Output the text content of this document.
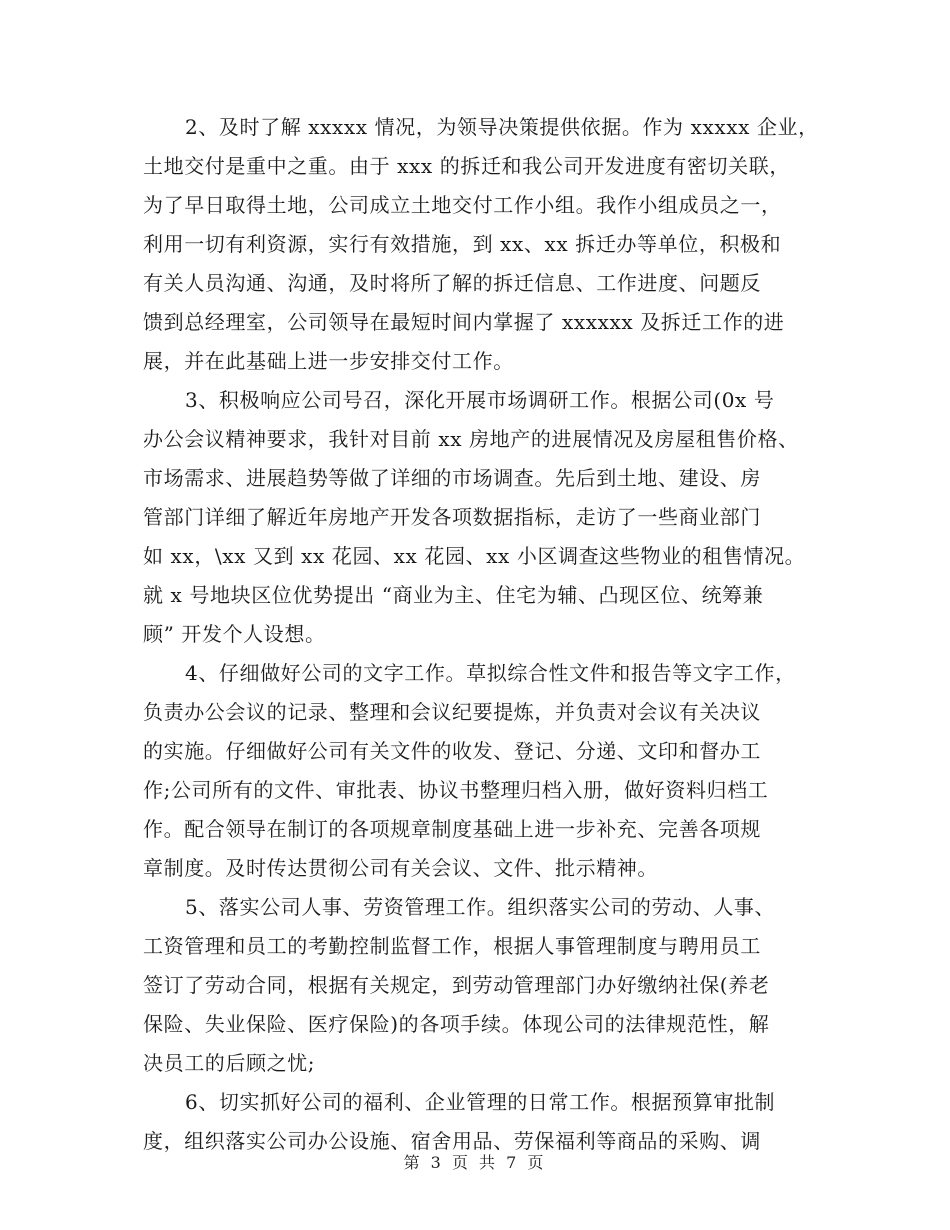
2、及时了解 xxxxx 情况，为领导决策提供依据。作为 xxxxx 企业，
土地交付是重中之重。由于 xxx 的拆迁和我公司开发进度有密切关联，
为了早日取得土地，公司成立土地交付工作小组。我作小组成员之一，
利用一切有利资源，实行有效措施，到 xx、xx 拆迁办等单位，积极和
有关人员沟通、沟通，及时将所了解的拆迁信息、工作进度、问题反
馈到总经理室，公司领导在最短时间内掌握了 xxxxxx 及拆迁工作的进
展，并在此基础上进一步安排交付工作。
3、积极响应公司号召，深化开展市场调研工作。根据公司(0x 号
办公会议精神要求，我针对目前 xx 房地产的进展情况及房屋租售价格、
市场需求、进展趋势等做了详细的市场调查。先后到土地、建设、房
管部门详细了解近年房地产开发各项数据指标，走访了一些商业部门
如 xx，\xx 又到 xx 花园、xx 花园、xx 小区调查这些物业的租售情况。
就 x 号地块区位优势提出 “商业为主、住宅为辅、凸现区位、统筹兼
顾” 开发个人设想。
4、仔细做好公司的文字工作。草拟综合性文件和报告等文字工作，
负责办公会议的记录、整理和会议纪要提炼，并负责对会议有关决议
的实施。仔细做好公司有关文件的收发、登记、分递、文印和督办工
作;公司所有的文件、审批表、协议书整理归档入册，做好资料归档工
作。配合领导在制订的各项规章制度基础上进一步补充、完善各项规
章制度。及时传达贯彻公司有关会议、文件、批示精神。
5、落实公司人事、劳资管理工作。组织落实公司的劳动、人事、
工资管理和员工的考勤控制监督工作，根据人事管理制度与聘用员工
签订了劳动合同，根据有关规定，到劳动管理部门办好缴纳社保(养老
保险、失业保险、医疗保险)的各项手续。体现公司的法律规范性，解
决员工的后顾之忧;
6、切实抓好公司的福利、企业管理的日常工作。根据预算审批制
度，组织落实公司办公设施、宿舍用品、劳保福利等商品的采购、调
第 3 页 共 7 页
